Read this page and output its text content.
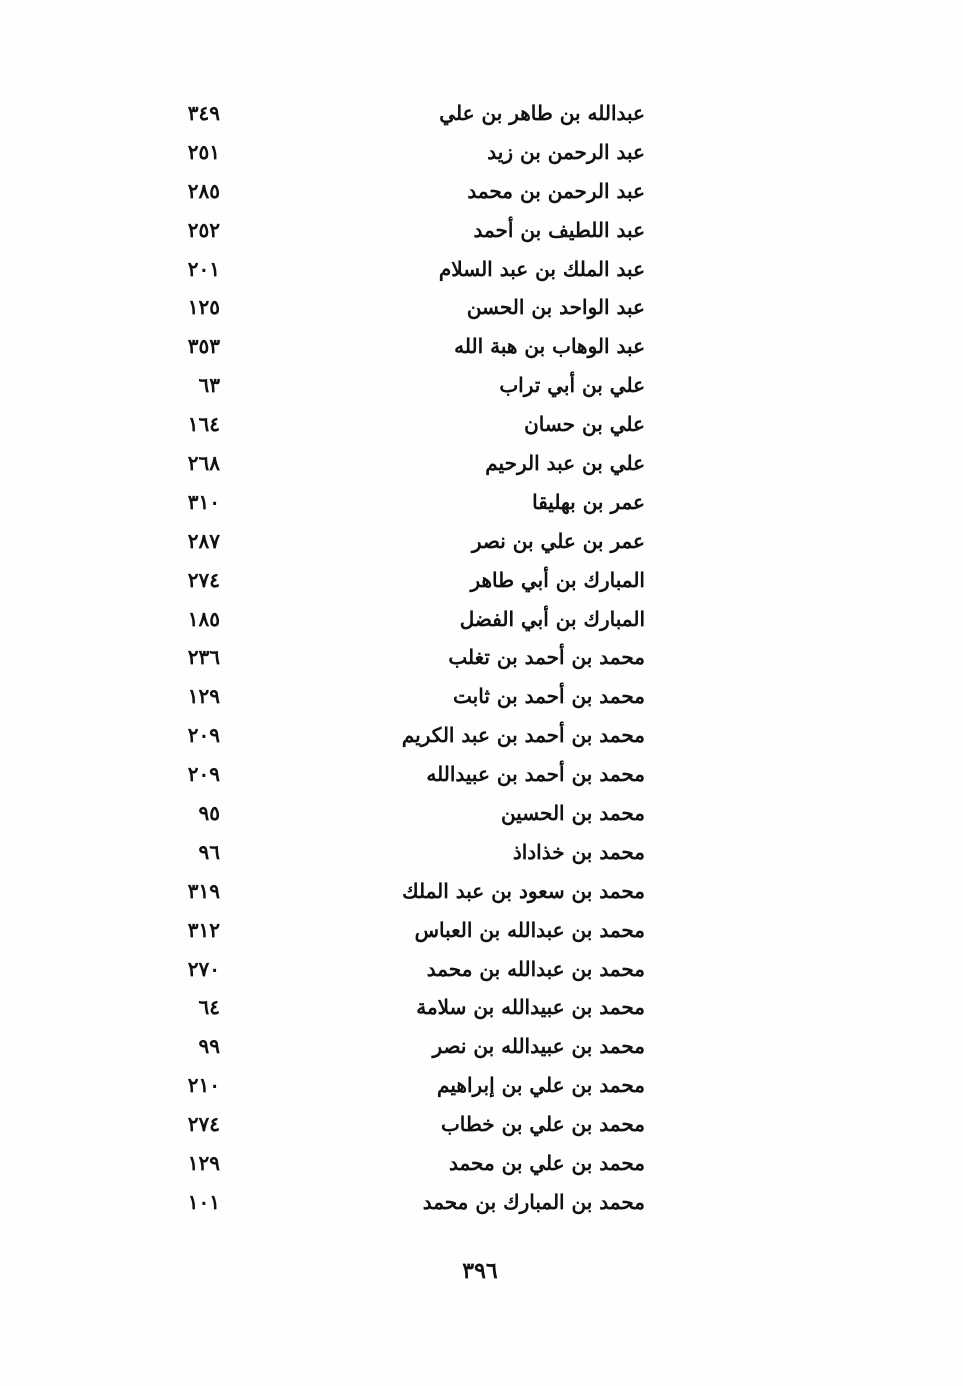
عبدالله بن طاهر بن علي
٣٤٩
عبد الرحمن بن زيد
٢٥١
عبد الرحمن بن محمد
٢٨٥
عبد اللطيف بن أحمد
٢٥٢
عبد الملك بن عبد السلام
٢٠١
عبد الواحد بن الحسن
١٢٥
عبد الوهاب بن هبة الله
٣٥٣
علي بن أبي تراب
٦٣
علي بن حسان
١٦٤
علي بن عبد الرحيم
٢٦٨
عمر بن بهليقا
٣١٠
عمر بن علي بن نصر
٢٨٧
المبارك بن أبي طاهر
٢٧٤
المبارك بن أبي الفضل
١٨٥
محمد بن أحمد بن تغلب
٢٣٦
محمد بن أحمد بن ثابت
١٢٩
محمد بن أحمد بن عبد الكريم
٢٠٩
محمد بن أحمد بن عبيدالله
٢٠٩
محمد بن الحسين
٩٥
محمد بن خذاداذ
٩٦
محمد بن سعود بن عبد الملك
٣١٩
محمد بن عبدالله بن العباس
٣١٢
محمد بن عبدالله بن محمد
٢٧٠
محمد بن عبيدالله بن سلامة
٦٤
محمد بن عبيدالله بن نصر
٩٩
محمد بن علي بن إبراهيم
٢١٠
محمد بن علي بن خطاب
٢٧٤
محمد بن علي بن محمد
١٢٩
محمد بن المبارك بن محمد
١٠١
٣٩٦
